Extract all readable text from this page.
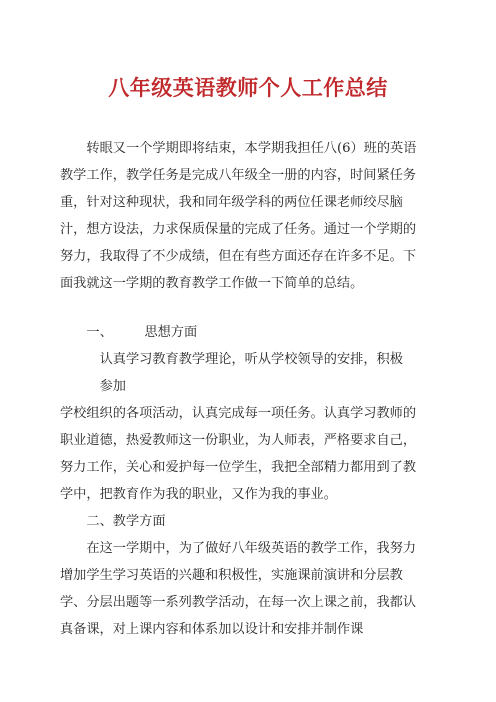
八年级英语教师个人工作总结
转眼又一个学期即将结束，本学期我担任八(6）班的英语教学工作，教学任务是完成八年级全一册的内容，时间紧任务重，针对这种现状，我和同年级学科的两位任课老师绞尽脑汁，想方设法，力求保质保量的完成了任务。通过一个学期的努力，我取得了不少成绩，但在有些方面还存在许多不足。下面我就这一学期的教育教学工作做一下简单的总结。
一、 思想方面
认真学习教育教学理论，听从学校领导的安排，积极参加
学校组织的各项活动，认真完成每一项任务。认真学习教师的职业道德，热爱教师这一份职业，为人师表，严格要求自己，努力工作，关心和爱护每一位学生，我把全部精力都用到了教学中，把教育作为我的职业，又作为我的事业。
二、教学方面
在这一学期中，为了做好八年级英语的教学工作，我努力增加学生学习英语的兴趣和积极性，实施课前演讲和分层教学、分层出题等一系列教学活动，在每一次上课之前，我都认真备课，对上课内容和体系加以设计和安排并制作课
